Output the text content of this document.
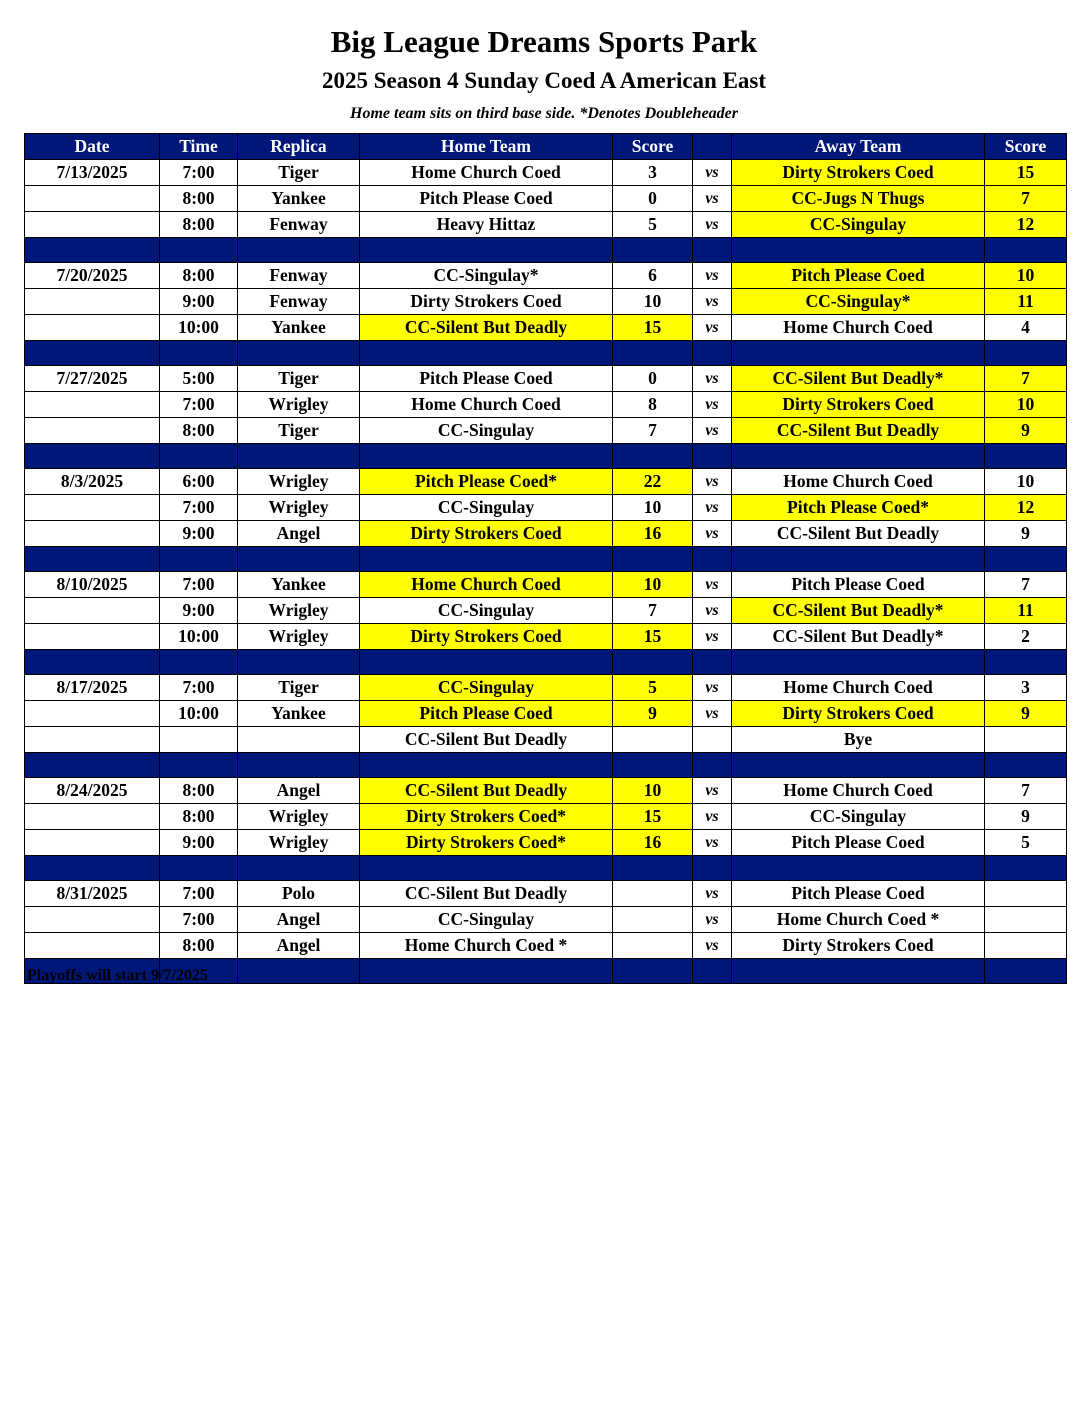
Big League Dreams Sports Park
2025 Season 4 Sunday Coed A American East
Home team sits on third base side. *Denotes Doubleheader
Date	Time	Replica	Home Team	Score		Away Team	Score
7/13/2025	7:00	Tiger	Home Church Coed	3	vs	Dirty Strokers Coed	15
	8:00	Yankee	Pitch Please Coed	0	vs	CC-Jugs N Thugs	7
	8:00	Fenway	Heavy Hittaz	5	vs	CC-Singulay	12

7/20/2025	8:00	Fenway	CC-Singulay*	6	vs	Pitch Please Coed	10
	9:00	Fenway	Dirty Strokers Coed	10	vs	CC-Singulay*	11
	10:00	Yankee	CC-Silent But Deadly	15	vs	Home Church Coed	4

7/27/2025	5:00	Tiger	Pitch Please Coed	0	vs	CC-Silent But Deadly*	7
	7:00	Wrigley	Home Church Coed	8	vs	Dirty Strokers Coed	10
	8:00	Tiger	CC-Singulay	7	vs	CC-Silent But Deadly	9

8/3/2025	6:00	Wrigley	Pitch Please Coed*	22	vs	Home Church Coed	10
	7:00	Wrigley	CC-Singulay	10	vs	Pitch Please Coed*	12
	9:00	Angel	Dirty Strokers Coed	16	vs	CC-Silent But Deadly	9

8/10/2025	7:00	Yankee	Home Church Coed	10	vs	Pitch Please Coed	7
	9:00	Wrigley	CC-Singulay	7	vs	CC-Silent But Deadly*	11
	10:00	Wrigley	Dirty Strokers Coed	15	vs	CC-Silent But Deadly*	2

8/17/2025	7:00	Tiger	CC-Singulay	5	vs	Home Church Coed	3
	10:00	Yankee	Pitch Please Coed	9	vs	Dirty Strokers Coed	9
			CC-Silent But Deadly			Bye	

8/24/2025	8:00	Angel	CC-Silent But Deadly	10	vs	Home Church Coed	7
	8:00	Wrigley	Dirty Strokers Coed*	15	vs	CC-Singulay	9
	9:00	Wrigley	Dirty Strokers Coed*	16	vs	Pitch Please Coed	5

8/31/2025	7:00	Polo	CC-Silent But Deadly		vs	Pitch Please Coed	
	7:00	Angel	CC-Singulay		vs	Home Church Coed *	
	8:00	Angel	Home Church Coed *		vs	Dirty Strokers Coed	

Playoffs will start 9/7/2025
